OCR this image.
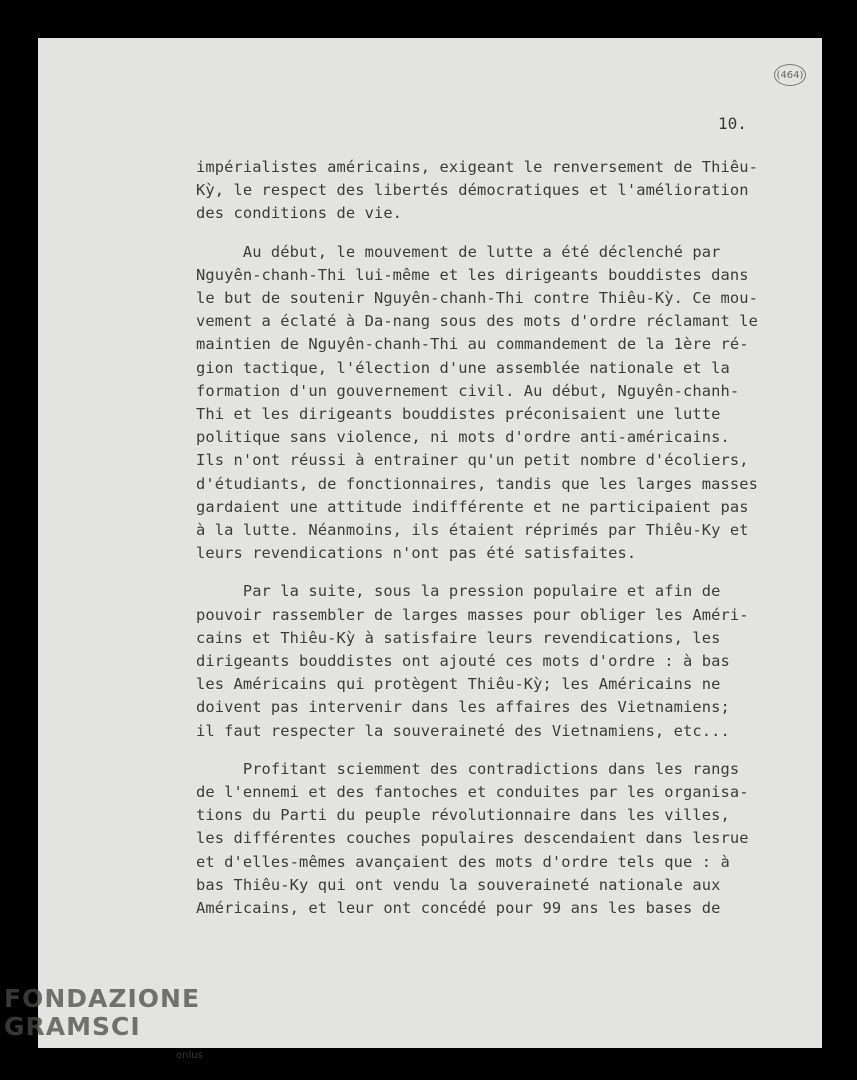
(464)
10.
impérialistes américains, exigeant le renversement de Thiêu-
Kỳ, le respect des libertés démocratiques et l'amélioration
des conditions de vie.
Au début, le mouvement de lutte a été déclenché par
Nguyên-chanh-Thi lui-même et les dirigeants bouddistes dans
le but de soutenir Nguyên-chanh-Thi contre Thiêu-Kỳ. Ce mou-
vement a éclaté à Da-nang sous des mots d'ordre réclamant le
maintien de Nguyên-chanh-Thi au commandement de la 1ère ré-
gion tactique, l'élection d'une assemblée nationale et la
formation d'un gouvernement civil. Au début, Nguyên-chanh-
Thi et les dirigeants bouddistes préconisaient une lutte
politique sans violence, ni mots d'ordre anti-américains.
Ils n'ont réussi à entrainer qu'un petit nombre d'écoliers,
d'étudiants, de fonctionnaires, tandis que les larges masses
gardaient une attitude indifférente et ne participaient pas
à la lutte. Néanmoins, ils étaient réprimés par Thiêu-Ky et
leurs revendications n'ont pas été satisfaites.
Par la suite, sous la pression populaire et afin de
pouvoir rassembler de larges masses pour obliger les Améri-
cains et Thiêu-Kỳ à satisfaire leurs revendications, les
dirigeants bouddistes ont ajouté ces mots d'ordre : à bas
les Américains qui protègent Thiêu-Kỳ; les Américains ne
doivent pas intervenir dans les affaires des Vietnamiens;
il faut respecter la souveraineté des Vietnamiens, etc...
Profitant sciemment des contradictions dans les rangs
de l'ennemi et des fantoches et conduites par les organisa-
tions du Parti du peuple révolutionnaire dans les villes,
les différentes couches populaires descendaient dans lesrue
et d'elles-mêmes avançaient des mots d'ordre tels que : à
bas Thiêu-Ky qui ont vendu la souveraineté nationale aux
Américains, et leur ont concédé pour 99 ans les bases de
FONDAZIONE
GRAMSCI
onlus
